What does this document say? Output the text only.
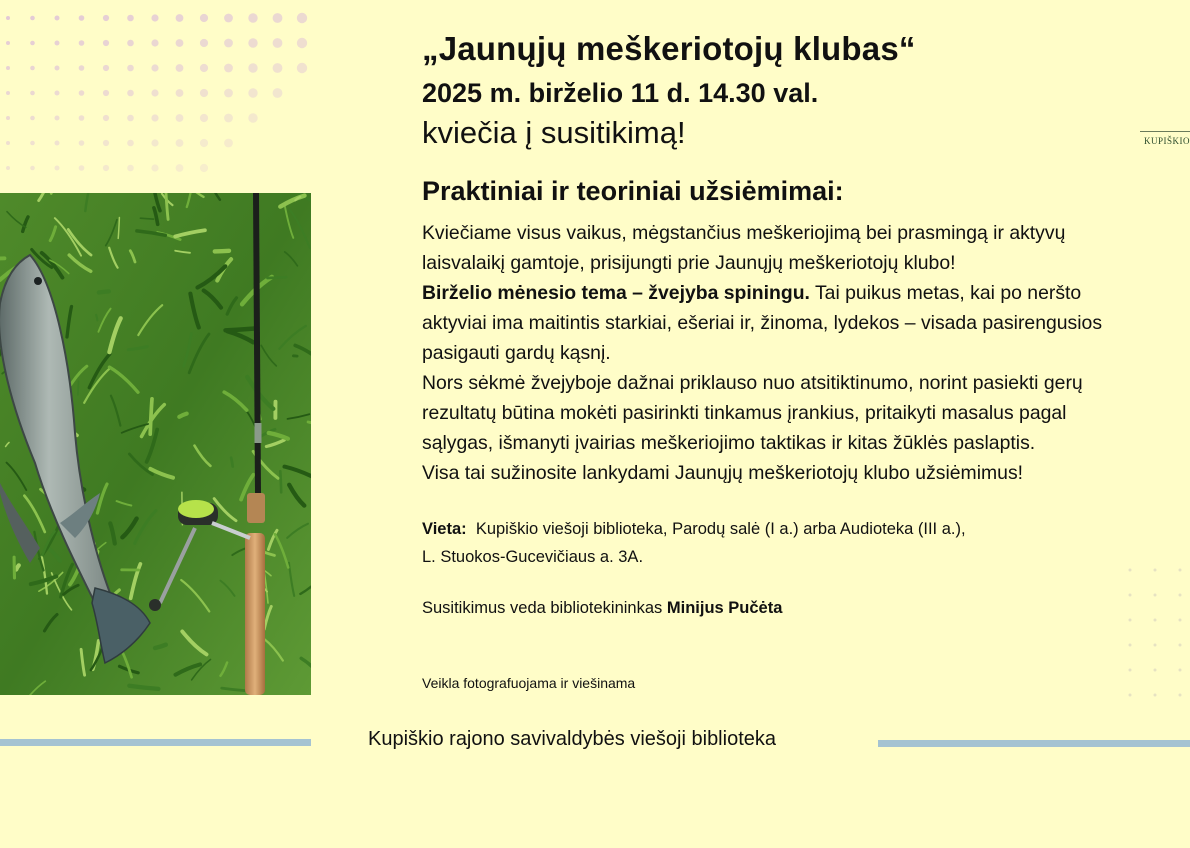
„Jaunųjų meškeriotojų klubas“
2025 m. birželio 11 d. 14.30 val.
kviečia į susitikimą!	KUPIŠKIO
Praktiniai ir teoriniai užsiėmimai:

Kviečiame visus vaikus, mėgstančius meškeriojimą bei prasmingą ir aktyvų

laisvalaikį gamtoje, prisijungti prie Jaunųjų meškeriotojų klubo!

Birželio mėnesio tema – žvejyba spiningu. Tai puikus metas, kai po neršto

aktyviai ima maitintis starkiai, ešeriai ir, žinoma, lydekos – visada pasirengusios

pasigauti gardų kąsnį.

Nors sėkmė žvejyboje dažnai priklauso nuo atsitiktinumo, norint pasiekti gerų

rezultatų būtina mokėti pasirinkti tinkamus įrankius, pritaikyti masalus pagal

sąlygas, išmanyti įvairias meškeriojimo taktikas ir kitas žūklės paslaptis.

Visa tai sužinosite lankydami Jaunųjų meškeriotojų klubo užsiėmimus!

Vieta: Kupiškio viešoji biblioteka, Parodų salė (I a.) arba Audioteka (III a.),
L. Stuokos-Gucevičiaus a. 3A.
Susitikimus veda bibliotekininkas Minijus Pučėta
Veikla fotografuojama ir viešinama
Kupiškio rajono savivaldybės viešoji biblioteka
